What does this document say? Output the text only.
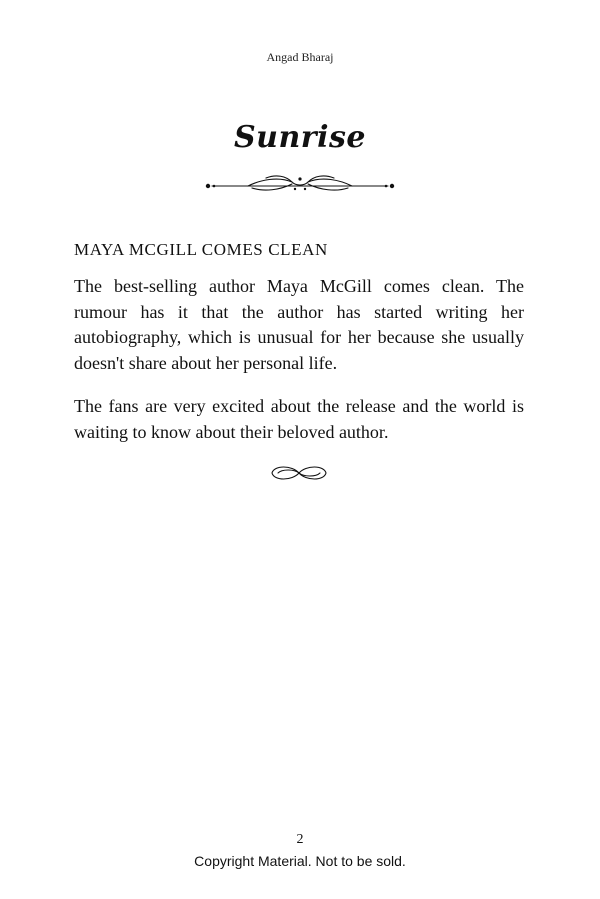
Angad Bharaj
Sunrise
MAYA MCGILL COMES CLEAN

The best-selling author Maya McGill comes clean. The rumour has it that the author has started writing her autobiography, which is unusual for her because she usually doesn't share about her personal life.

The fans are very excited about the release and the world is waiting to know about their beloved author.

2
Copyright Material. Not to be sold.
